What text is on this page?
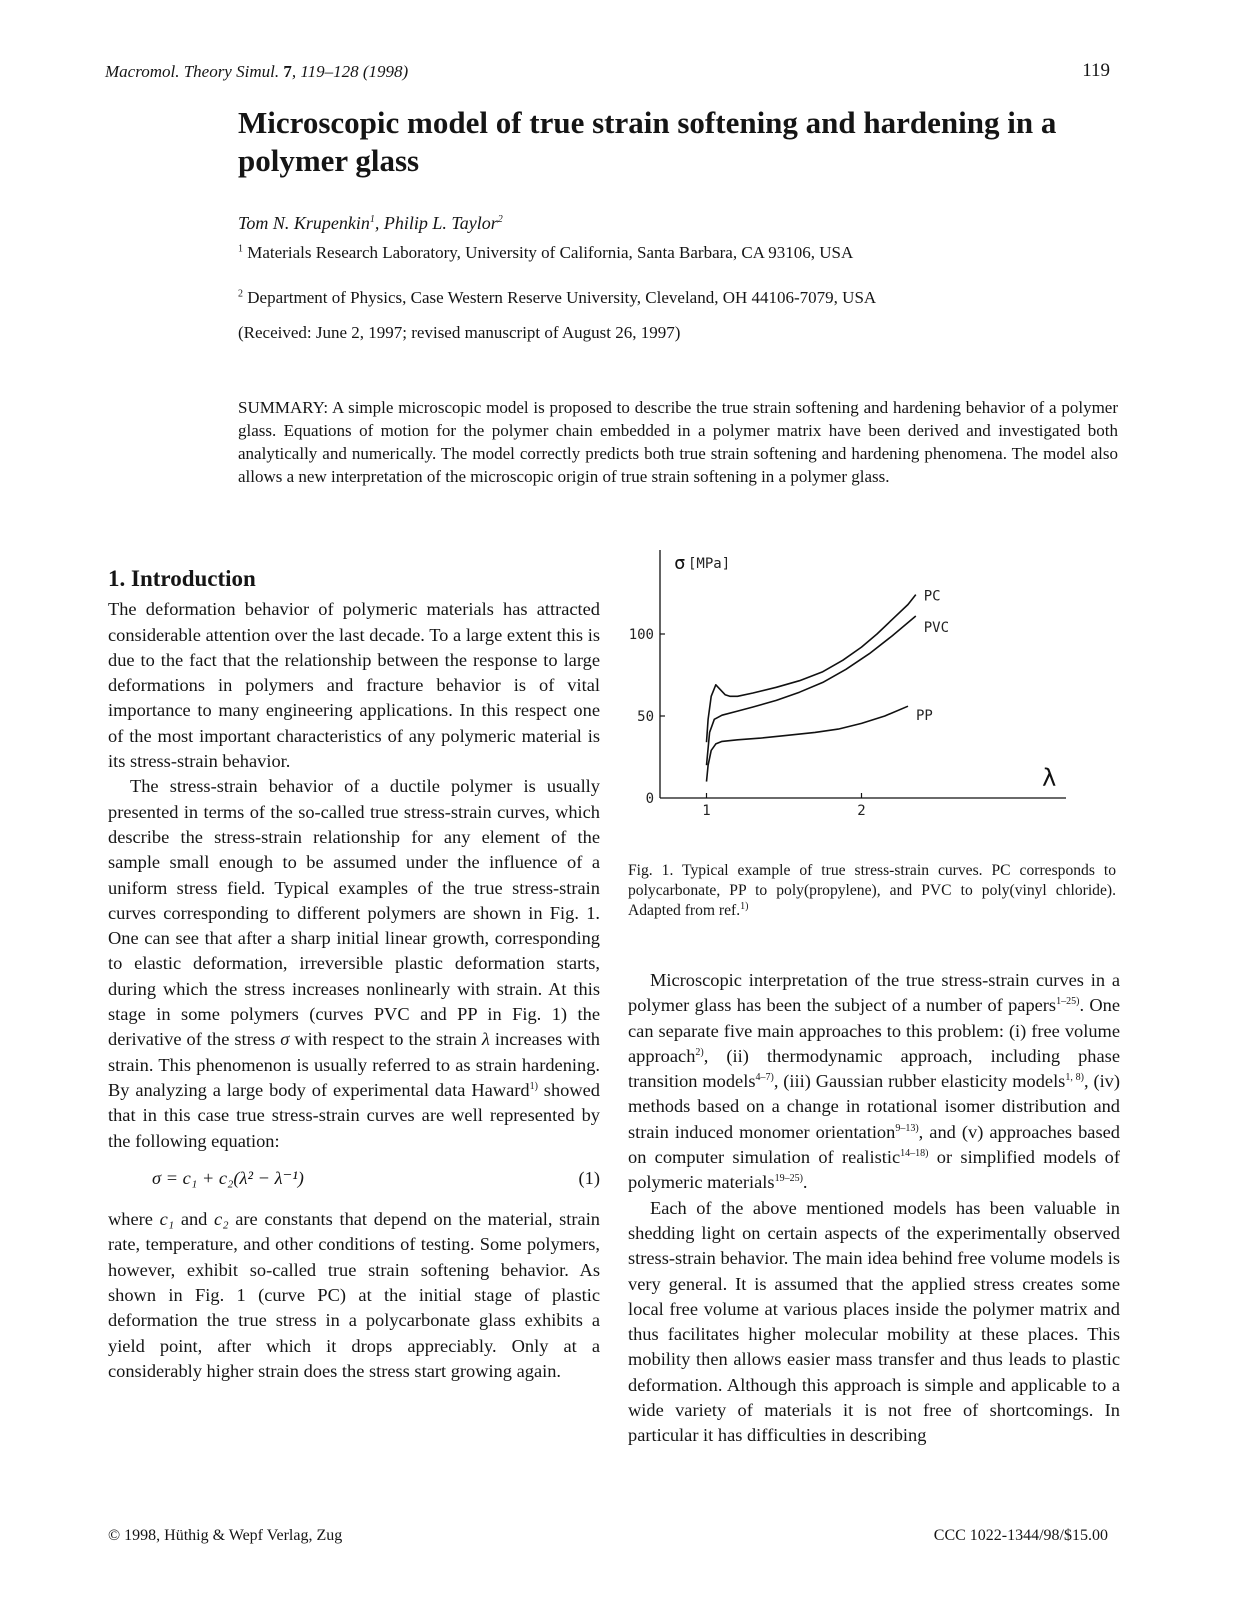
Macromol. Theory Simul. 7, 119–128 (1998)	119
Microscopic model of true strain softening and hardening in a polymer glass
Tom N. Krupenkin$^1$, Philip L. Taylor$^2$
$^1$ Materials Research Laboratory, University of California, Santa Barbara, CA 93106, USA
$^2$ Department of Physics, Case Western Reserve University, Cleveland, OH 44106-7079, USA
(Received: June 2, 1997; revised manuscript of August 26, 1997)
SUMMARY: A simple microscopic model is proposed to describe the true strain softening and hardening behavior of a polymer glass. Equations of motion for the polymer chain embedded in a polymer matrix have been derived and investigated both analytically and numerically. The model correctly predicts both true strain softening and hardening phenomena. The model also allows a new interpretation of the microscopic origin of true strain softening in a polymer glass.
1. Introduction

The deformation behavior of polymeric materials has attracted considerable attention over the last decade. To a large extent this is due to the fact that the relationship between the response to large deformations in polymers and fracture behavior is of vital importance to many engineering applications. In this respect one of the most important characteristics of any polymeric material is its stress-strain behavior.

The stress-strain behavior of a ductile polymer is usually presented in terms of the so-called true stress-strain curves, which describe the stress-strain relationship for any element of the sample small enough to be assumed under the influence of a uniform stress field. Typical examples of the true stress-strain curves corresponding to different polymers are shown in Fig. 1. One can see that after a sharp initial linear growth, corresponding to elastic deformation, irreversible plastic deformation starts, during which the stress increases nonlinearly with strain. At this stage in some polymers (curves PVC and PP in Fig. 1) the derivative of the stress σ with respect to the strain λ increases with strain. This phenomenon is usually referred to as strain hardening. By analyzing a large body of experimental data Haward$^{1)}$ showed that in this case true stress-strain curves are well represented by the following equation:

σ = c₁ + c₂(λ² − λ⁻¹)	(1)

where c₁ and c₂ are constants that depend on the material, strain rate, temperature, and other conditions of testing. Some polymers, however, exhibit so-called true strain softening behavior. As shown in Fig. 1 (curve PC) at the initial stage of plastic deformation the true stress in a polycarbonate glass exhibits a yield point, after which it drops appreciably. Only at a considerably higher strain does the stress start growing again.

0
50
100
1	2
σ [MPa]
λ
PC
PVC
PP
Fig. 1. Typical example of true stress-strain curves. PC corresponds to polycarbonate, PP to poly(propylene), and PVC to poly(vinyl chloride). Adapted from ref.$^{1)}$

Microscopic interpretation of the true stress-strain curves in a polymer glass has been the subject of a number of papers$^{1-25)}$. One can separate five main approaches to this problem: (i) free volume approach$^{2)}$, (ii) thermodynamic approach, including phase transition models$^{4-7)}$, (iii) Gaussian rubber elasticity models$^{1, 8)}$, (iv) methods based on a change in rotational isomer distribution and strain induced monomer orientation$^{9-13)}$, and (v) approaches based on computer simulation of realistic$^{14-18)}$ or simplified models of polymeric materials$^{19-25)}$.

Each of the above mentioned models has been valuable in shedding light on certain aspects of the experimentally observed stress-strain behavior. The main idea behind free volume models is very general. It is assumed that the applied stress creates some local free volume at various places inside the polymer matrix and thus facilitates higher molecular mobility at these places. This mobility then allows easier mass transfer and thus leads to plastic deformation. Although this approach is simple and applicable to a wide variety of materials it is not free of shortcomings. In particular it has difficulties in describing

© 1998, Hüthig & Wepf Verlag, Zug	CCC 1022-1344/98/$15.00
